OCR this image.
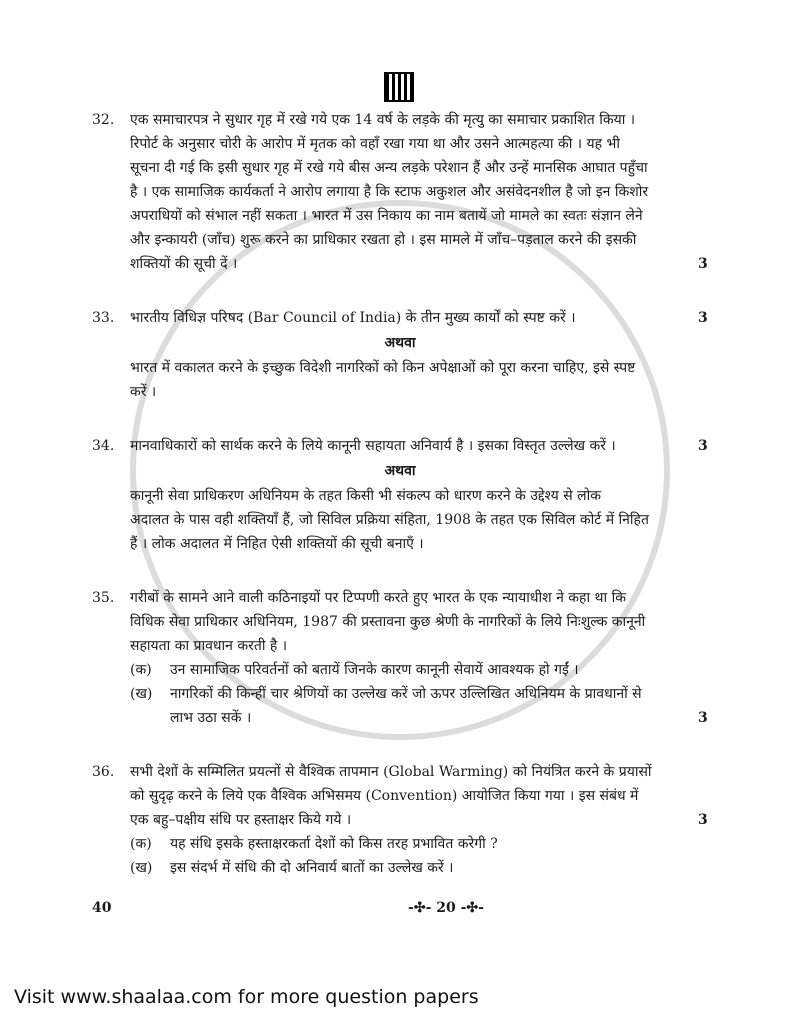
32.	एक समाचारपत्र ने सुधार गृह में रखे गये एक 14 वर्ष के लड़के की मृत्यु का समाचार प्रकाशित किया ।
रिपोर्ट के अनुसार चोरी के आरोप में मृतक को वहाँ रखा गया था और उसने आत्महत्या की । यह भी
सूचना दी गई कि इसी सुधार गृह में रखे गये बीस अन्य लड़के परेशान हैं और उन्हें मानसिक आघात पहुँचा
है । एक सामाजिक कार्यकर्ता ने आरोप लगाया है कि स्टाफ अकुशल और असंवेदनशील है जो इन किशोर
अपराधियों को संभाल नहीं सकता । भारत में उस निकाय का नाम बतायें जो मामले का स्वतः संज्ञान लेने
और इन्कायरी (जाँच) शुरू करने का प्राधिकार रखता हो । इस मामले में जाँच–पड़ताल करने की इसकी
शक्तियों की सूची दें ।	3
33.	भारतीय विधिज्ञ परिषद (Bar Council of India) के तीन मुख्य कार्यों को स्पष्ट करें ।	3
अथवा
भारत में वकालत करने के इच्छुक विदेशी नागरिकों को किन अपेक्षाओं को पूरा करना चाहिए, इसे स्पष्ट
करें ।
34.	मानवाधिकारों को सार्थक करने के लिये कानूनी सहायता अनिवार्य है । इसका विस्तृत उल्लेख करें ।	3
अथवा
कानूनी सेवा प्राधिकरण अधिनियम के तहत किसी भी संकल्प को धारण करने के उद्देश्य से लोक
अदालत के पास वही शक्तियाँ हैं, जो सिविल प्रक्रिया संहिता, 1908 के तहत एक सिविल कोर्ट में निहित
हैं । लोक अदालत में निहित ऐसी शक्तियों की सूची बनाएँ ।
35.	गरीबों के सामने आने वाली कठिनाइयों पर टिप्पणी करते हुए भारत के एक न्यायाधीश ने कहा था कि
विधिक सेवा प्राधिकार अधिनियम, 1987 की प्रस्तावना कुछ श्रेणी के नागरिकों के लिये निःशुल्क कानूनी
सहायता का प्रावधान करती है ।
(क)	उन सामाजिक परिवर्तनों को बतायें जिनके कारण कानूनी सेवायें आवश्यक हो गईं ।
(ख)	नागरिकों की किन्हीं चार श्रेणियों का उल्लेख करें जो ऊपर उल्लिखित अधिनियम के प्रावधानों से
लाभ उठा सकें ।	3
36.	सभी देशों के सम्मिलित प्रयत्नों से वैश्विक तापमान (Global Warming) को नियंत्रित करने के प्रयासों
को सुदृढ़ करने के लिये एक वैश्विक अभिसमय (Convention) आयोजित किया गया । इस संबंध में
एक बहु–पक्षीय संधि पर हस्ताक्षर किये गये ।	3
(क)	यह संधि इसके हस्ताक्षरकर्ता देशों को किस तरह प्रभावित करेगी ?
(ख)	इस संदर्भ में संधि की दो अनिवार्य बातों का उल्लेख करें ।
40	-✣- 20 -✣-
Visit www.shaalaa.com for more question papers
